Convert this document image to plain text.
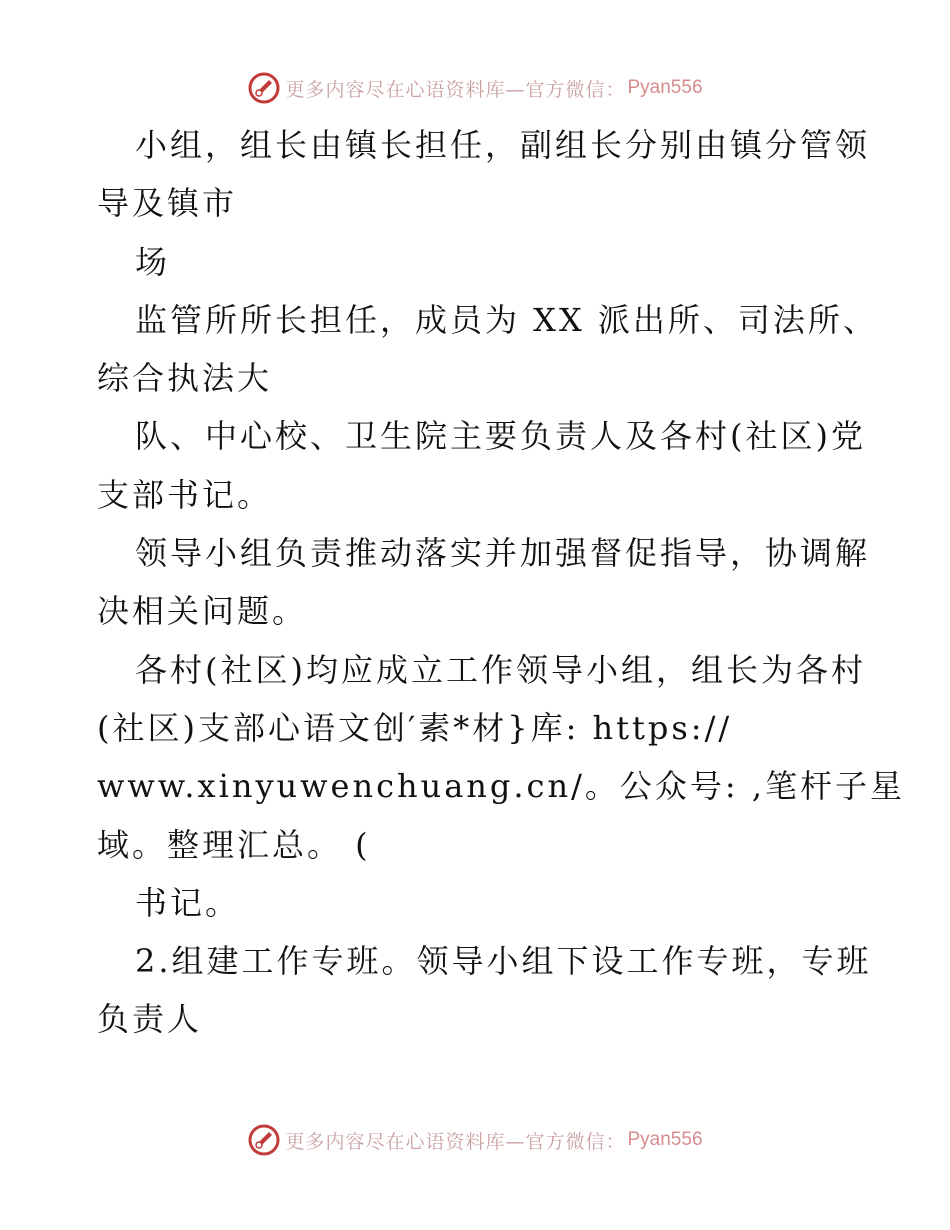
更多内容尽在心语资料库—官方微信： Pyan556
小组，组长由镇长担任，副组长分别由镇分管领
导及镇市
场
监管所所长担任，成员为 XX 派出所、司法所、
综合执法大
队、中心校、卫生院主要负责人及各村(社区)党
支部书记。
领导小组负责推动落实并加强督促指导，协调解
决相关问题。
各村(社区)均应成立工作领导小组，组长为各村
(社区)支部心语文创′素*材}库: https://
www.xinyuwenchuang.cn/。公众号: ,笔杆子星
域。整理汇总。 (
书记。
2.组建工作专班。领导小组下设工作专班，专班
负责人
更多内容尽在心语资料库—官方微信： Pyan556
